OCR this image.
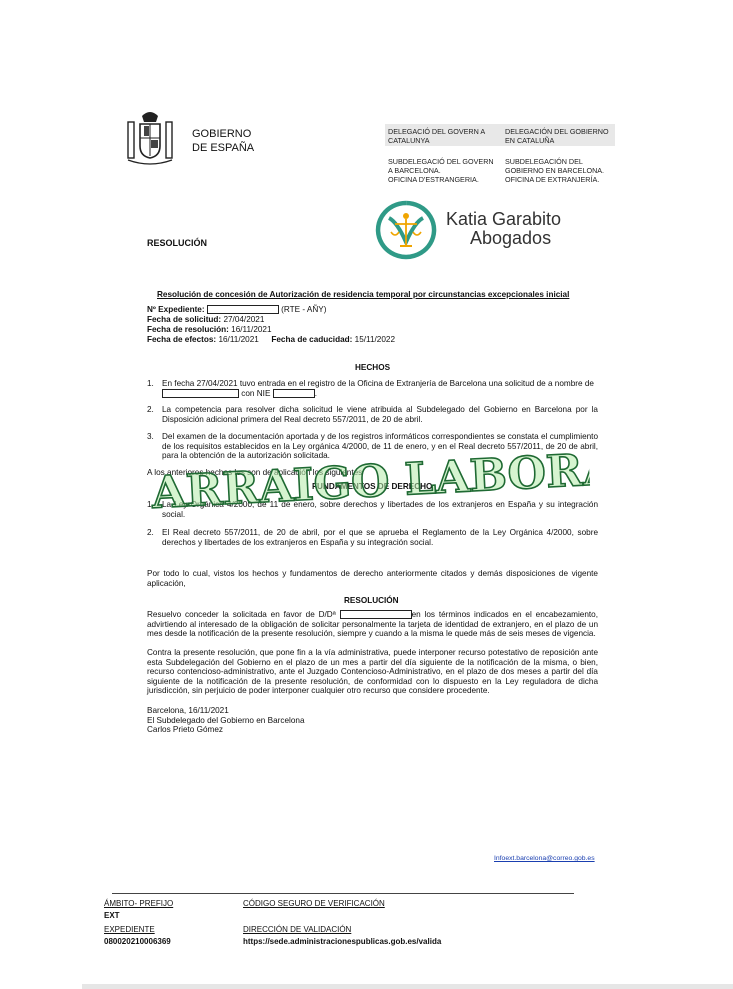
GOBIERNO
DE ESPAÑA
DELEGACIÓ DEL GOVERN A CATALUNYA
DELEGACIÓN DEL GOBIERNO EN CATALUÑA
SUBDELEGACIÓ DEL GOVERN A BARCELONA.
OFICINA D'ESTRANGERIA.
SUBDELEGACIÓN DEL GOBIERNO EN BARCELONA.
OFICINA DE EXTRANJERÍA.
Katia Garabito
Abogados
RESOLUCIÓN
Resolución de concesión de Autorización de residencia temporal por circunstancias excepcionales inicial
Nº Expediente:	(RTE - AÑY)
Fecha de solicitud: 27/04/2021
Fecha de resolución: 16/11/2021
Fecha de efectos: 16/11/2021 Fecha de caducidad: 15/11/2022
HECHOS
1. En fecha 27/04/2021 tuvo entrada en el registro de la Oficina de Extranjería de Barcelona una solicitud de a nombre de
con NIE	.
2. La competencia para resolver dicha solicitud le viene atribuida al Subdelegado del Gobierno en Barcelona por la Disposición adicional primera del Real decreto 557/2011, de 20 de abril.
3. Del examen de la documentación aportada y de los registros informáticos correspondientes se constata el cumplimiento de los requisitos establecidos en la Ley orgánica 4/2000, de 11 de enero, y en el Real decreto 557/2011, de 20 de abril, para la obtención de la autorización solicitada.
A los anteriores hechos les son de aplicación los siguientes
FUNDAMENTOS DE DERECHO
1. La Ley Orgánica 4/2000, de 11 de enero, sobre derechos y libertades de los extranjeros en España y su integración social.
2. El Real decreto 557/2011, de 20 de abril, por el que se aprueba el Reglamento de la Ley Orgánica 4/2000, sobre derechos y libertades de los extranjeros en España y su integración social.
ARRAIGO LABORAL
Por todo lo cual, vistos los hechos y fundamentos de derecho anteriormente citados y demás disposiciones de vigente aplicación,
RESOLUCIÓN
Resuelvo conceder la solicitada en favor de D/Dª	en los términos indicados en el encabezamiento, advirtiendo al interesado de la obligación de solicitar personalmente la tarjeta de identidad de extranjero, en el plazo de un mes desde la notificación de la presente resolución, siempre y cuando a la misma le quede más de seis meses de vigencia.
Contra la presente resolución, que pone fin a la vía administrativa, puede interponer recurso potestativo de reposición ante esta Subdelegación del Gobierno en el plazo de un mes a partir del día siguiente de la notificación de la misma, o bien, recurso contencioso-administrativo, ante el Juzgado Contencioso-Administrativo, en el plazo de dos meses a partir del día siguiente de la notificación de la presente resolución, de conformidad con lo dispuesto en la Ley reguladora de dicha jurisdicción, sin perjuicio de poder interponer cualquier otro recurso que considere procedente.
Barcelona, 16/11/2021
El Subdelegado del Gobierno en Barcelona
Carlos Prieto Gómez
Infoext.barcelona@correo.gob.es
ÁMBITO- PREFIJO
EXT
EXPEDIENTE
080020210006369
CÓDIGO SEGURO DE VERIFICACIÓN
DIRECCIÓN DE VALIDACIÓN
https://sede.administracionespublicas.gob.es/valida
